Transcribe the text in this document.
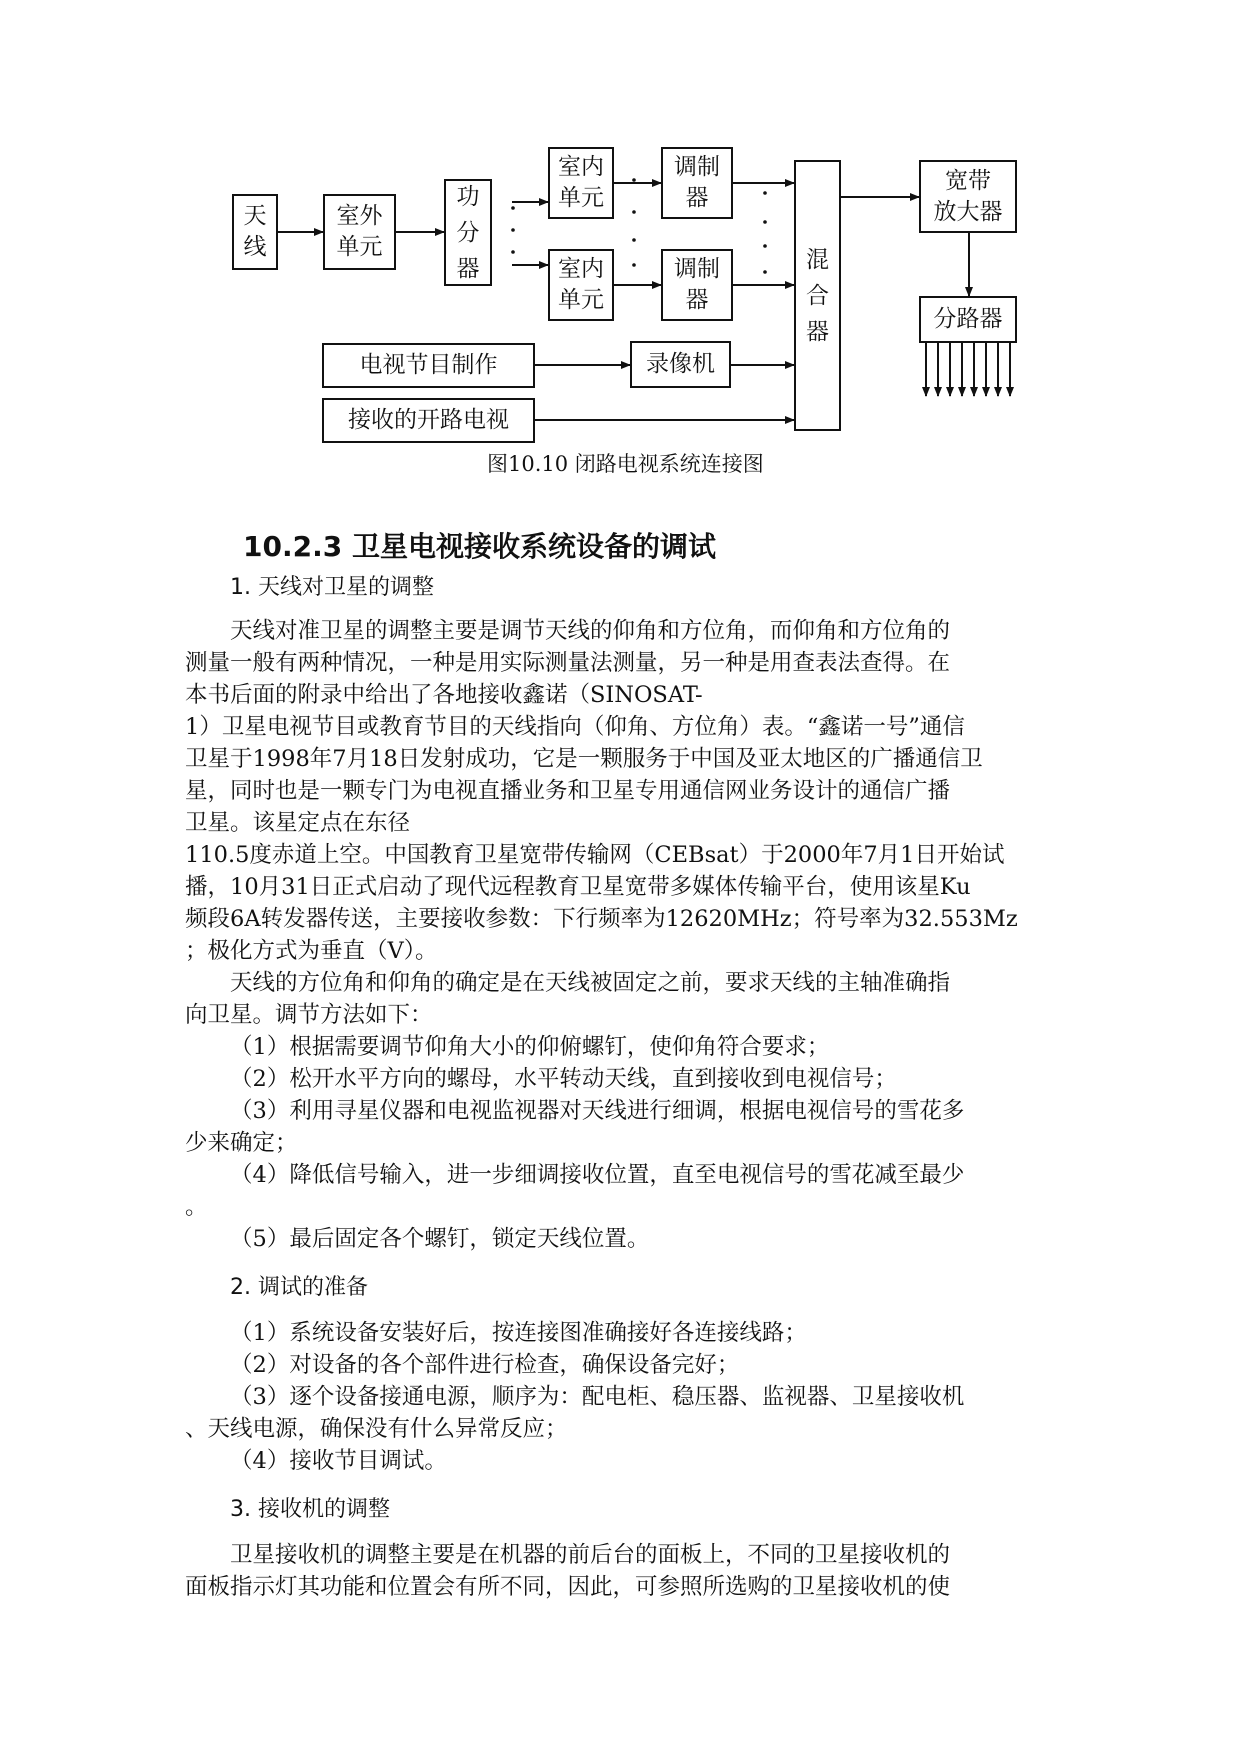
天
线
室外
单元
功
分
器
室内
单元
室内
单元
调制
器
调制
器
混
合
器
宽带
放大器
分路器
电视节目制作	录像机
接收的开路电视
图10.10 闭路电视系统连接图
10.2.3 卫星电视接收系统设备的调试
1. 天线对卫星的调整
天线对准卫星的调整主要是调节天线的仰角和方位角，而仰角和方位角的
测量一般有两种情况，一种是用实际测量法测量，另一种是用查表法查得。在
本书后面的附录中给出了各地接收鑫诺（SINOSAT-
1）卫星电视节目或教育节目的天线指向（仰角、方位角）表。“鑫诺一号”通信
卫星于1998年7月18日发射成功，它是一颗服务于中国及亚太地区的广播通信卫
星，同时也是一颗专门为电视直播业务和卫星专用通信网业务设计的通信广播
卫星。该星定点在东径
110.5度赤道上空。中国教育卫星宽带传输网（CEBsat）于2000年7月1日开始试
播，10月31日正式启动了现代远程教育卫星宽带多媒体传输平台，使用该星Ku
频段6A转发器传送，主要接收参数：下行频率为12620MHz；符号率为32.553Mz
；极化方式为垂直（V）。
天线的方位角和仰角的确定是在天线被固定之前，要求天线的主轴准确指
向卫星。调节方法如下：
（1）根据需要调节仰角大小的仰俯螺钉，使仰角符合要求；
（2）松开水平方向的螺母，水平转动天线，直到接收到电视信号；
（3）利用寻星仪器和电视监视器对天线进行细调，根据电视信号的雪花多
少来确定；
（4）降低信号输入，进一步细调接收位置，直至电视信号的雪花减至最少
。
（5）最后固定各个螺钉，锁定天线位置。
2. 调试的准备
（1）系统设备安装好后，按连接图准确接好各连接线路；
（2）对设备的各个部件进行检查，确保设备完好；
（3）逐个设备接通电源，顺序为：配电柜、稳压器、监视器、卫星接收机
、天线电源，确保没有什么异常反应；
（4）接收节目调试。
3. 接收机的调整
卫星接收机的调整主要是在机器的前后台的面板上，不同的卫星接收机的
面板指示灯其功能和位置会有所不同，因此，可参照所选购的卫星接收机的使
